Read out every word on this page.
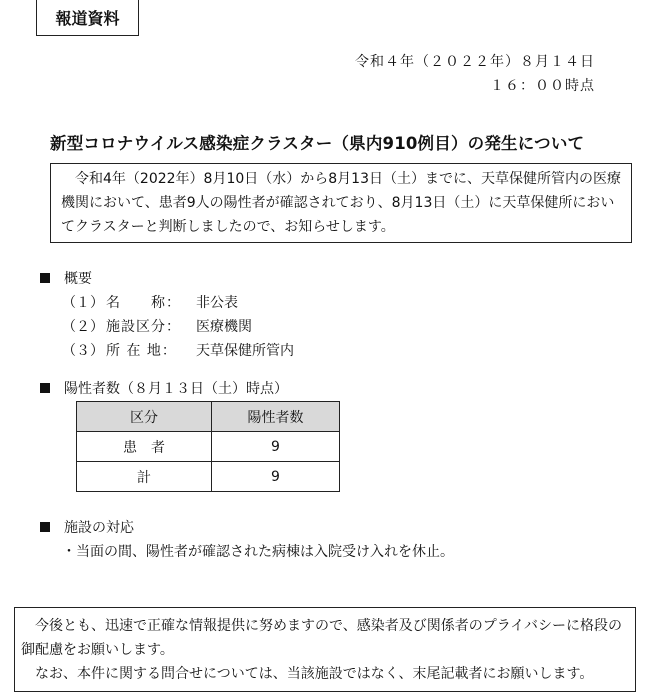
報道資料
令和４年（２０２２年）８月１４日
１６：００時点
新型コロナウイルス感染症クラスター（県内910例目）の発生について

令和4年（2022年）8月10日（水）から8月13日（土）までに、天草保健所管内の医療機関において、患者9人の陽性者が確認されており、8月13日（土）に天草保健所においてクラスターと判断しましたので、お知らせします。

概要
（１） 名　　称： 非公表
（２） 施設区分： 医療機関
（３） 所 在 地： 天草保健所管内
陽性者数（８月１３日（土）時点）
区分	陽性者数
患　者	9
計	9
施設の対応
・当面の間、陽性者が確認された病棟は入院受け入れを休止。

今後とも、迅速で正確な情報提供に努めますので、感染者及び関係者のプライバシーに格段の御配慮をお願いします。

なお、本件に関する問合せについては、当該施設ではなく、末尾記載者にお願いします。
